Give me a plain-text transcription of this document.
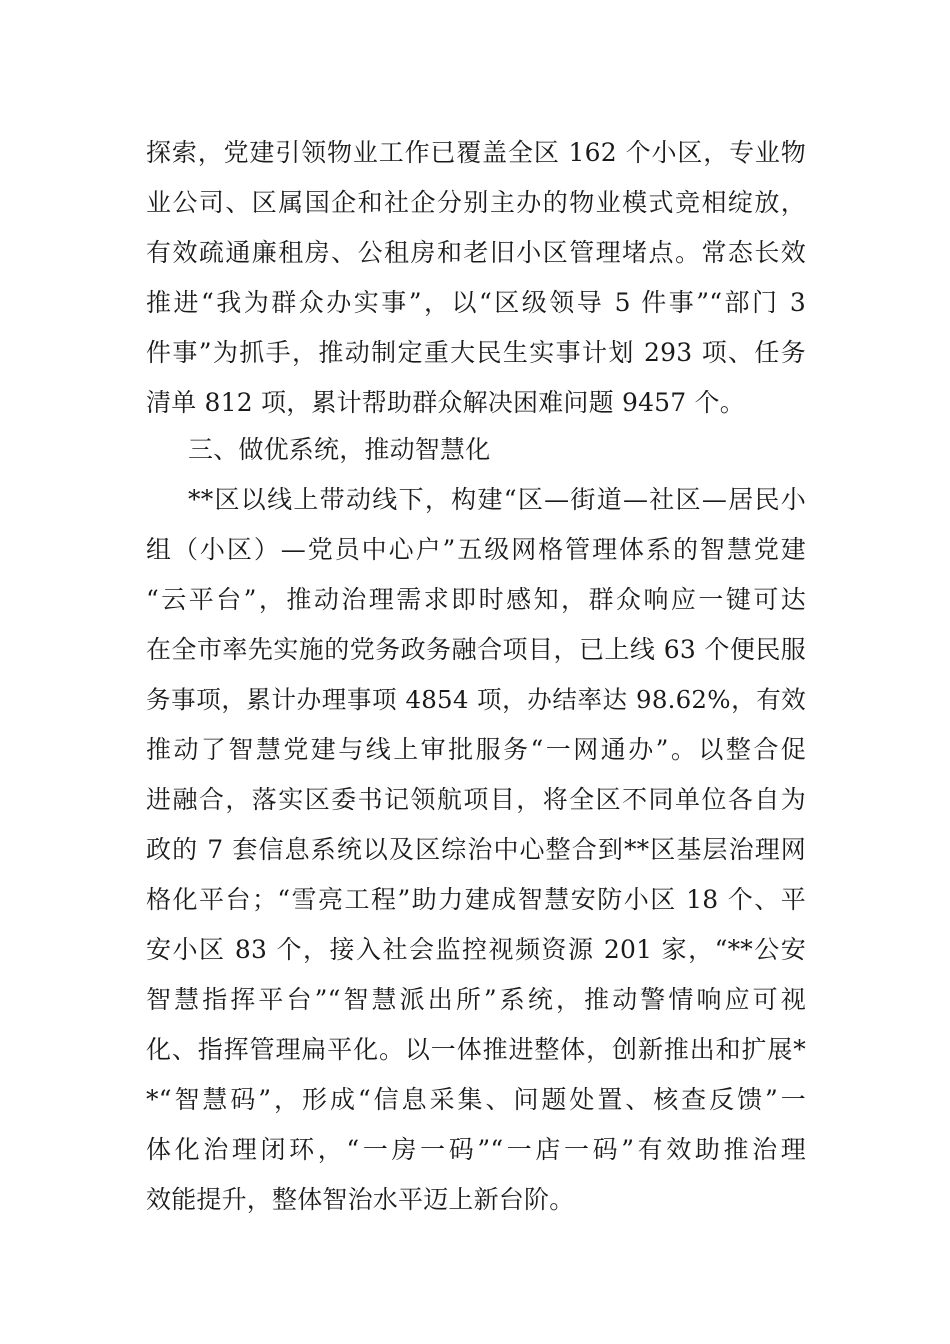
探索，党建引领物业工作已覆盖全区 162 个小区，专业物
业公司、区属国企和社企分别主办的物业模式竞相绽放，
有效疏通廉租房、公租房和老旧小区管理堵点。常态长效
推进“我为群众办实事”，以“区级领导 5 件事”“部门 3
件事”为抓手，推动制定重大民生实事计划 293 项、任务
清单 812 项，累计帮助群众解决困难问题 9457 个。
三、做优系统，推动智慧化
**区以线上带动线下，构建“区—街道—社区—居民小
组（小区）—党员中心户”五级网格管理体系的智慧党建
“云平台”，推动治理需求即时感知，群众响应一键可达
在全市率先实施的党务政务融合项目，已上线 63 个便民服
务事项，累计办理事项 4854 项，办结率达 98.62%，有效
推动了智慧党建与线上审批服务“一网通办”。以整合促
进融合，落实区委书记领航项目，将全区不同单位各自为
政的 7 套信息系统以及区综治中心整合到**区基层治理网
格化平台；“雪亮工程”助力建成智慧安防小区 18 个、平
安小区 83 个，接入社会监控视频资源 201 家，“**公安
智慧指挥平台”“智慧派出所”系统，推动警情响应可视
化、指挥管理扁平化。以一体推进整体，创新推出和扩展*
*“智慧码”，形成“信息采集、问题处置、核查反馈”一
体化治理闭环，“一房一码”“一店一码”有效助推治理
效能提升，整体智治水平迈上新台阶。
